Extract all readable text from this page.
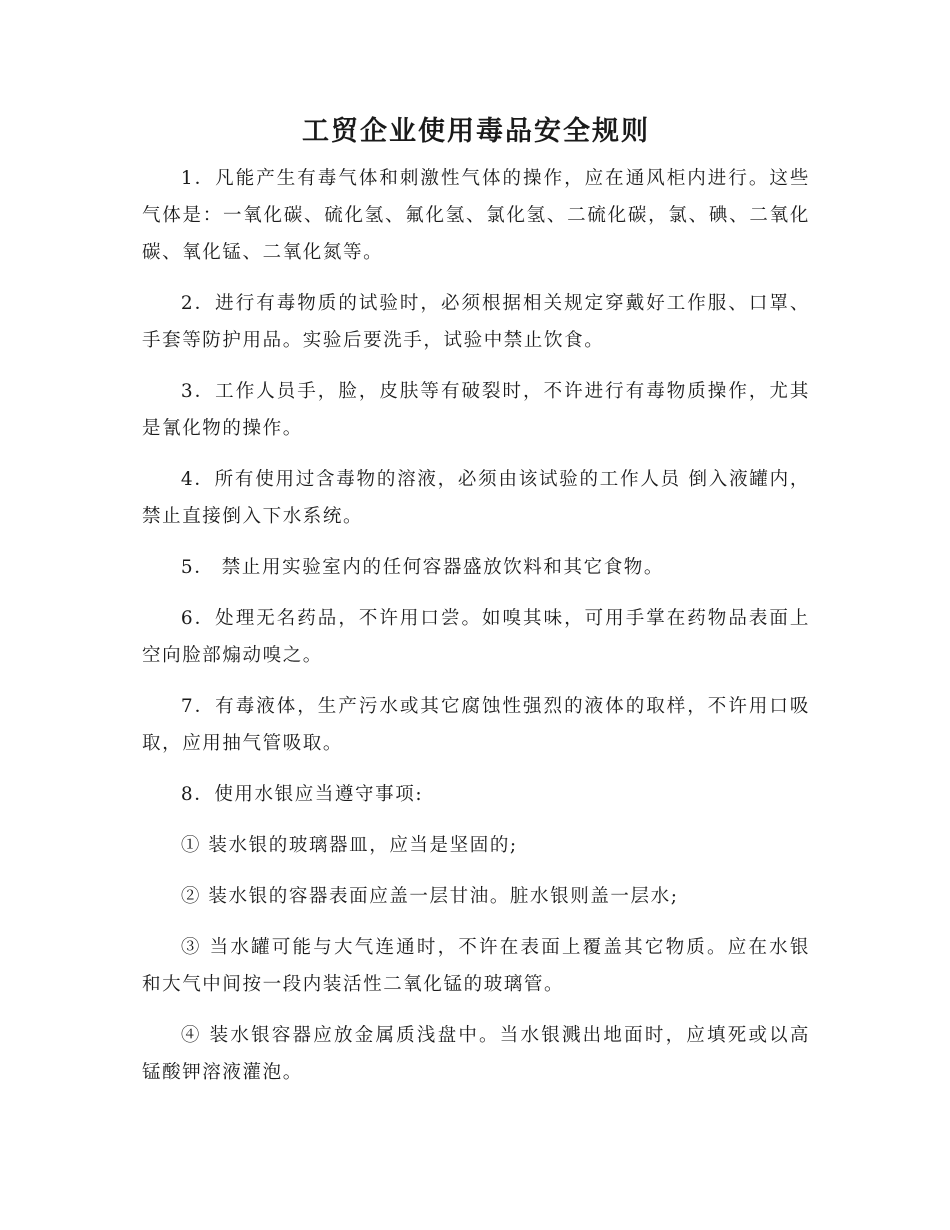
工贸企业使用毒品安全规则

1．凡能产生有毒气体和刺激性气体的操作，应在通风柜内进行。这些气体是：一氧化碳、硫化氢、氟化氢、氯化氢、二硫化碳，氯、碘、二氧化碳、氧化锰、二氧化氮等。

2．进行有毒物质的试验时，必须根据相关规定穿戴好工作服、口罩、手套等防护用品。实验后要洗手，试验中禁止饮食。

3．工作人员手，脸，皮肤等有破裂时，不许进行有毒物质操作，尤其是氰化物的操作。

4．所有使用过含毒物的溶液，必须由该试验的工作人员 倒入液罐内，禁止直接倒入下水系统。

5． 禁止用实验室内的任何容器盛放饮料和其它食物。

6．处理无名药品，不许用口尝。如嗅其味，可用手掌在药物品表面上空向脸部煽动嗅之。

7．有毒液体，生产污水或其它腐蚀性强烈的液体的取样，不许用口吸取，应用抽气管吸取。

8．使用水银应当遵守事项:

① 装水银的玻璃器皿，应当是坚固的;

② 装水银的容器表面应盖一层甘油。脏水银则盖一层水;

③ 当水罐可能与大气连通时，不许在表面上覆盖其它物质。应在水银和大气中间按一段内装活性二氧化锰的玻璃管。

④ 装水银容器应放金属质浅盘中。当水银溅出地面时，应填死或以高锰酸钾溶液灌泡。
